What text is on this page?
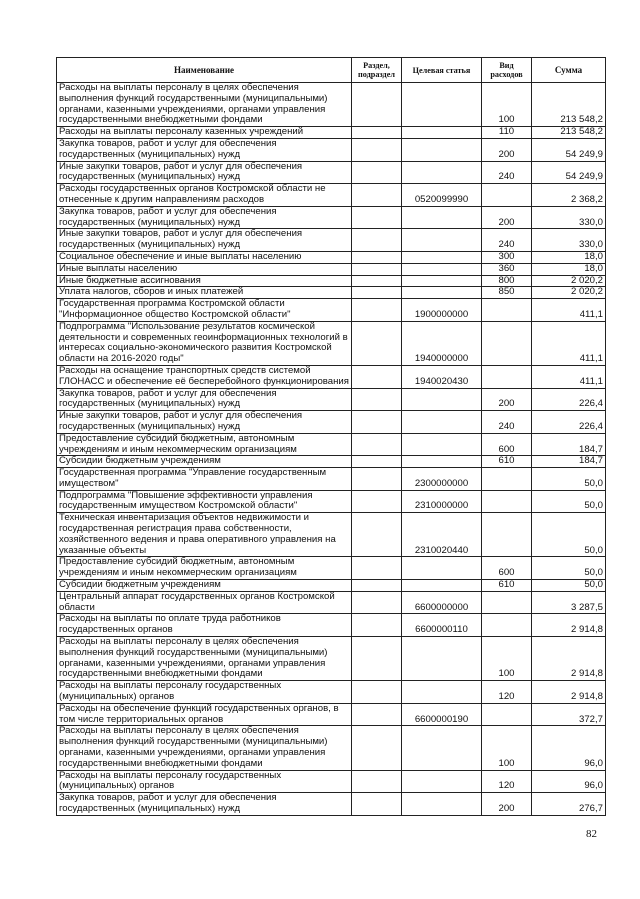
Наименование	Раздел, подраздел	Целевая статья	Вид расходов	Сумма
Расходы на выплаты персоналу в целях обеспечения выполнения функций государственными (муниципальными) органами, казенными учреждениями, органами управления государственными внебюджетными фондами			100	213 548,2
Расходы на выплаты персоналу казенных учреждений			110	213 548,2
Закупка товаров, работ и услуг для обеспечения государственных (муниципальных) нужд			200	54 249,9
Иные закупки товаров, работ и услуг для обеспечения государственных (муниципальных) нужд			240	54 249,9
Расходы государственных органов Костромской области не отнесенные к другим направлениям расходов		0520099990		2 368,2
Закупка товаров, работ и услуг для обеспечения государственных (муниципальных) нужд			200	330,0
Иные закупки товаров, работ и услуг для обеспечения государственных (муниципальных) нужд			240	330,0
Социальное обеспечение и иные выплаты населению			300	18,0
Иные выплаты населению			360	18,0
Иные бюджетные ассигнования			800	2 020,2
Уплата налогов, сборов и иных платежей			850	2 020,2
Государственная программа Костромской области "Информационное общество Костромской области"		1900000000		411,1
Подпрограмма "Использование результатов космической деятельности и современных геоинформационных технологий в интересах социально-экономического развития Костромской области на 2016-2020 годы"		1940000000		411,1
Расходы на оснащение транспортных средств системой ГЛОНАСС и обеспечение её бесперебойного функционирования		1940020430		411,1
Закупка товаров, работ и услуг для обеспечения государственных (муниципальных) нужд			200	226,4
Иные закупки товаров, работ и услуг для обеспечения государственных (муниципальных) нужд			240	226,4
Предоставление субсидий бюджетным, автономным учреждениям и иным некоммерческим организациям			600	184,7
Субсидии бюджетным учреждениям			610	184,7
Государственная программа "Управление государственным имуществом"		2300000000		50,0
Подпрограмма "Повышение эффективности управления государственным имуществом Костромской области"		2310000000		50,0
Техническая инвентаризация объектов недвижимости и государственная регистрация права собственности, хозяйственного ведения и права оперативного управления на указанные объекты		2310020440		50,0
Предоставление субсидий бюджетным, автономным учреждениям и иным некоммерческим организациям			600	50,0
Субсидии бюджетным учреждениям			610	50,0
Центральный аппарат государственных органов Костромской области		6600000000		3 287,5
Расходы на выплаты по оплате труда работников государственных органов		6600000110		2 914,8
Расходы на выплаты персоналу в целях обеспечения выполнения функций государственными (муниципальными) органами, казенными учреждениями, органами управления государственными внебюджетными фондами			100	2 914,8
Расходы на выплаты персоналу государственных (муниципальных) органов			120	2 914,8
Расходы на обеспечение функций государственных органов, в том числе территориальных органов		6600000190		372,7
Расходы на выплаты персоналу в целях обеспечения выполнения функций государственными (муниципальными) органами, казенными учреждениями, органами управления государственными внебюджетными фондами			100	96,0
Расходы на выплаты персоналу государственных (муниципальных) органов			120	96,0
Закупка товаров, работ и услуг для обеспечения государственных (муниципальных) нужд			200	276,7
82
